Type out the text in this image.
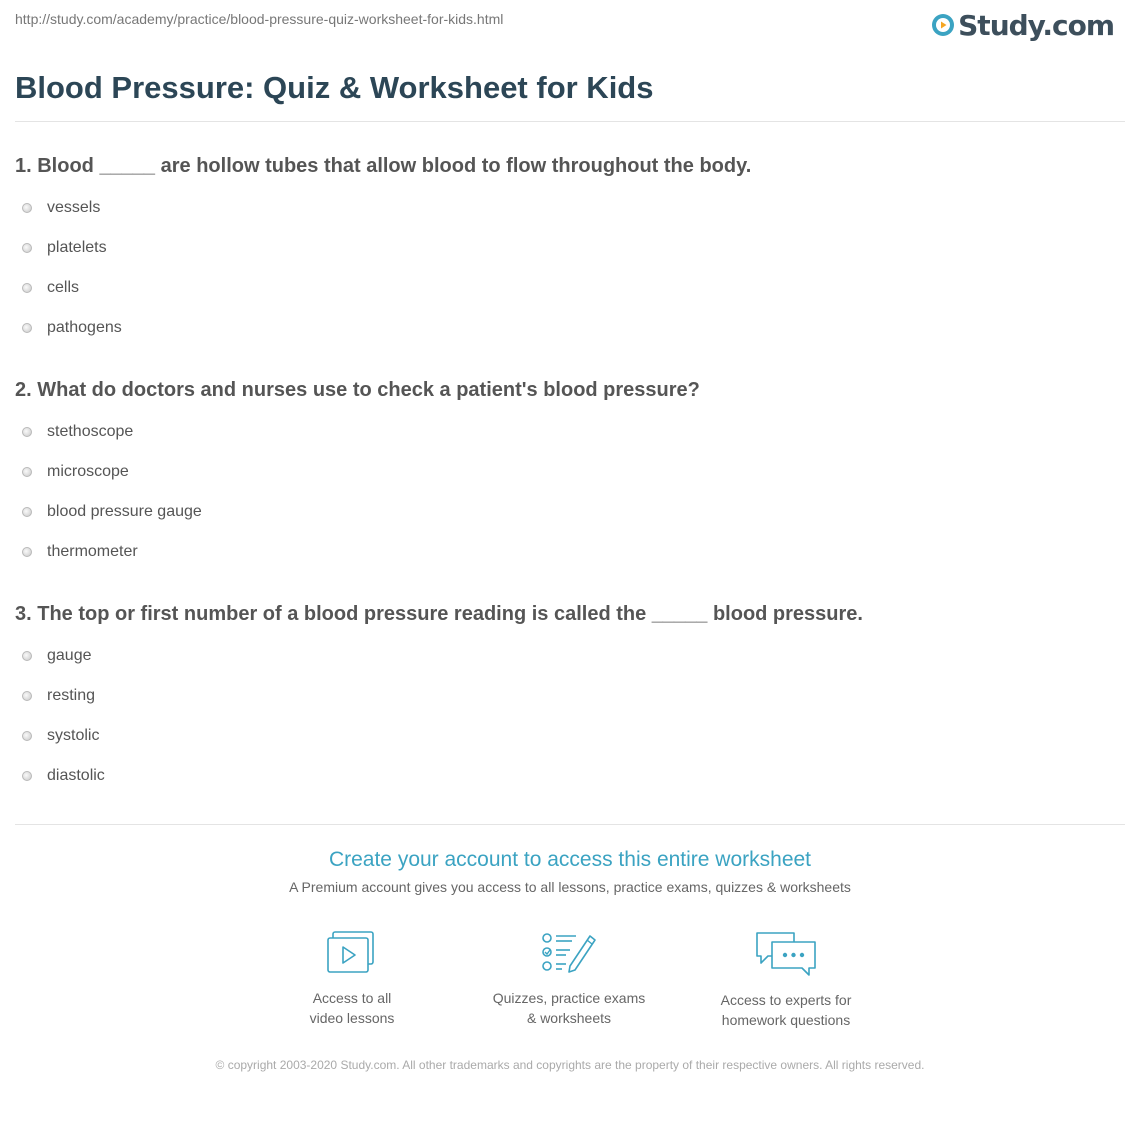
http://study.com/academy/practice/blood-pressure-quiz-worksheet-for-kids.html	Study.com
Blood Pressure: Quiz & Worksheet for Kids
1. Blood _____ are hollow tubes that allow blood to flow throughout the body.
vessels
platelets
cells
pathogens
2. What do doctors and nurses use to check a patient's blood pressure?
stethoscope
microscope
blood pressure gauge
thermometer
3. The top or first number of a blood pressure reading is called the _____ blood pressure.
gauge
resting
systolic
diastolic
Create your account to access this entire worksheet
A Premium account gives you access to all lessons, practice exams, quizzes & worksheets
Access to all
video lessons
Quizzes, practice exams
& worksheets
Access to experts for
homework questions
© copyright 2003-2020 Study.com. All other trademarks and copyrights are the property of their respective owners. All rights reserved.
